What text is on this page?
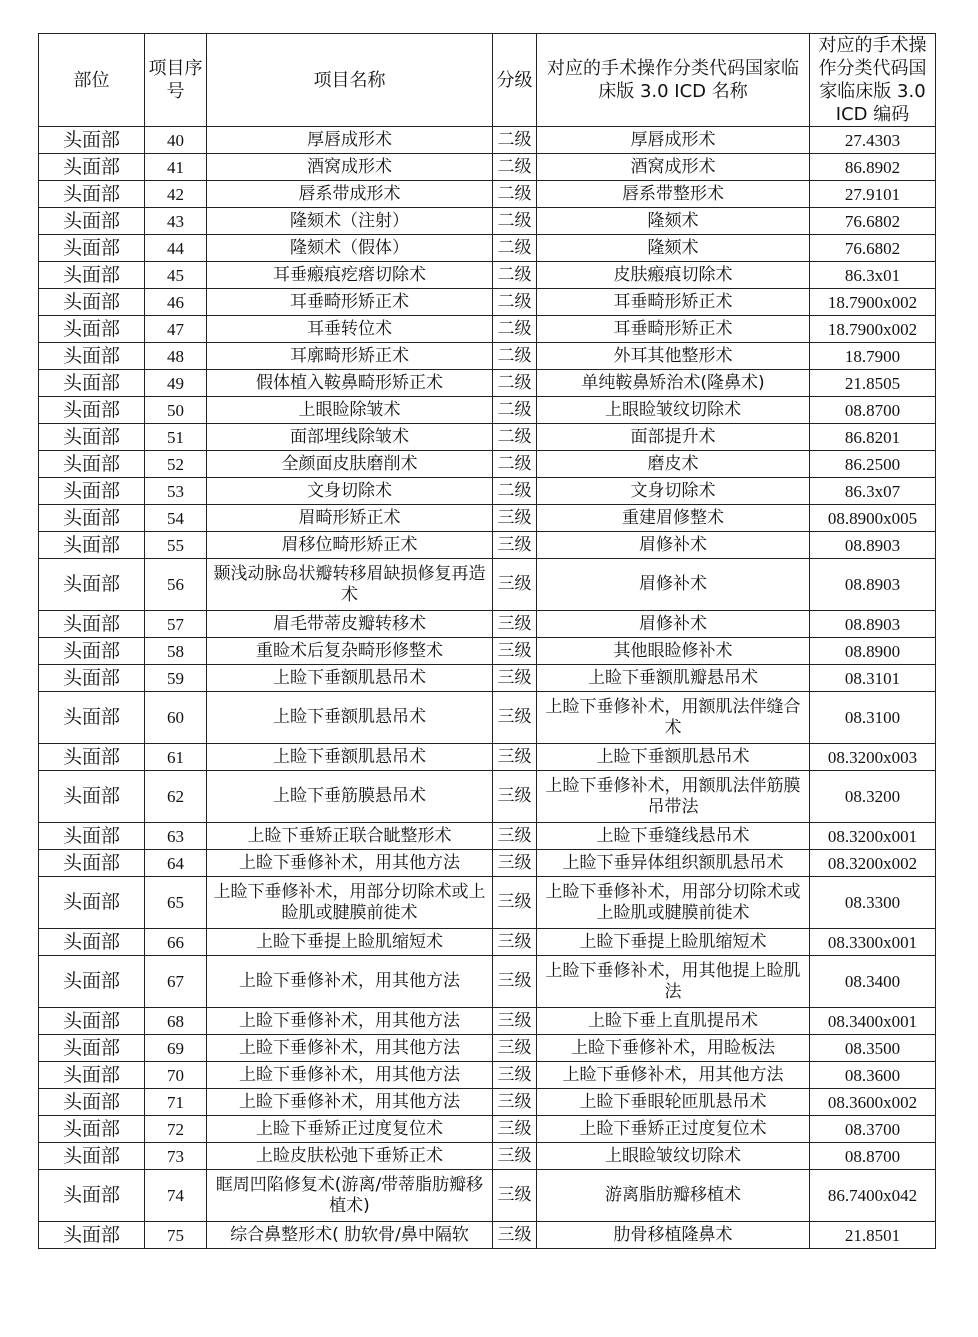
部位	项目序号	项目名称	分级	对应的手术操作分类代码国家临床版 3.0 ICD 名称	对应的手术操作分类代码国家临床版 3.0 ICD 编码
头面部	40	厚唇成形术	二级	厚唇成形术	27.4303
头面部	41	酒窝成形术	二级	酒窝成形术	86.8902
头面部	42	唇系带成形术	二级	唇系带整形术	27.9101
头面部	43	隆颏术（注射）	二级	隆颏术	76.6802
头面部	44	隆颏术（假体）	二级	隆颏术	76.6802
头面部	45	耳垂瘢痕疙瘩切除术	二级	皮肤瘢痕切除术	86.3x01
头面部	46	耳垂畸形矫正术	二级	耳垂畸形矫正术	18.7900x002
头面部	47	耳垂转位术	二级	耳垂畸形矫正术	18.7900x002
头面部	48	耳廓畸形矫正术	二级	外耳其他整形术	18.7900
头面部	49	假体植入鞍鼻畸形矫正术	二级	单纯鞍鼻矫治术(隆鼻术)	21.8505
头面部	50	上眼睑除皱术	二级	上眼睑皱纹切除术	08.8700
头面部	51	面部埋线除皱术	二级	面部提升术	86.8201
头面部	52	全颜面皮肤磨削术	二级	磨皮术	86.2500
头面部	53	文身切除术	二级	文身切除术	86.3x07
头面部	54	眉畸形矫正术	三级	重建眉修整术	08.8900x005
头面部	55	眉移位畸形矫正术	三级	眉修补术	08.8903
头面部	56	颞浅动脉岛状瓣转移眉缺损修复再造术	三级	眉修补术	08.8903
头面部	57	眉毛带蒂皮瓣转移术	三级	眉修补术	08.8903
头面部	58	重睑术后复杂畸形修整术	三级	其他眼睑修补术	08.8900
头面部	59	上睑下垂额肌悬吊术	三级	上睑下垂额肌瓣悬吊术	08.3101
头面部	60	上睑下垂额肌悬吊术	三级	上睑下垂修补术，用额肌法伴缝合术	08.3100
头面部	61	上睑下垂额肌悬吊术	三级	上睑下垂额肌悬吊术	08.3200x003
头面部	62	上睑下垂筋膜悬吊术	三级	上睑下垂修补术，用额肌法伴筋膜吊带法	08.3200
头面部	63	上睑下垂矫正联合眦整形术	三级	上睑下垂缝线悬吊术	08.3200x001
头面部	64	上睑下垂修补术，用其他方法	三级	上睑下垂异体组织额肌悬吊术	08.3200x002
头面部	65	上睑下垂修补术，用部分切除术或上睑肌或腱膜前徙术	三级	上睑下垂修补术，用部分切除术或上睑肌或腱膜前徙术	08.3300
头面部	66	上睑下垂提上睑肌缩短术	三级	上睑下垂提上睑肌缩短术	08.3300x001
头面部	67	上睑下垂修补术，用其他方法	三级	上睑下垂修补术，用其他提上睑肌法	08.3400
头面部	68	上睑下垂修补术，用其他方法	三级	上睑下垂上直肌提吊术	08.3400x001
头面部	69	上睑下垂修补术，用其他方法	三级	上睑下垂修补术，用睑板法	08.3500
头面部	70	上睑下垂修补术，用其他方法	三级	上睑下垂修补术，用其他方法	08.3600
头面部	71	上睑下垂修补术，用其他方法	三级	上睑下垂眼轮匝肌悬吊术	08.3600x002
头面部	72	上睑下垂矫正过度复位术	三级	上睑下垂矫正过度复位术	08.3700
头面部	73	上睑皮肤松弛下垂矫正术	三级	上眼睑皱纹切除术	08.8700
头面部	74	眶周凹陷修复术(游离/带蒂脂肪瓣移植术)	三级	游离脂肪瓣移植术	86.7400x042
头面部	75	综合鼻整形术( 肋软骨/鼻中隔软	三级	肋骨移植隆鼻术	21.8501
